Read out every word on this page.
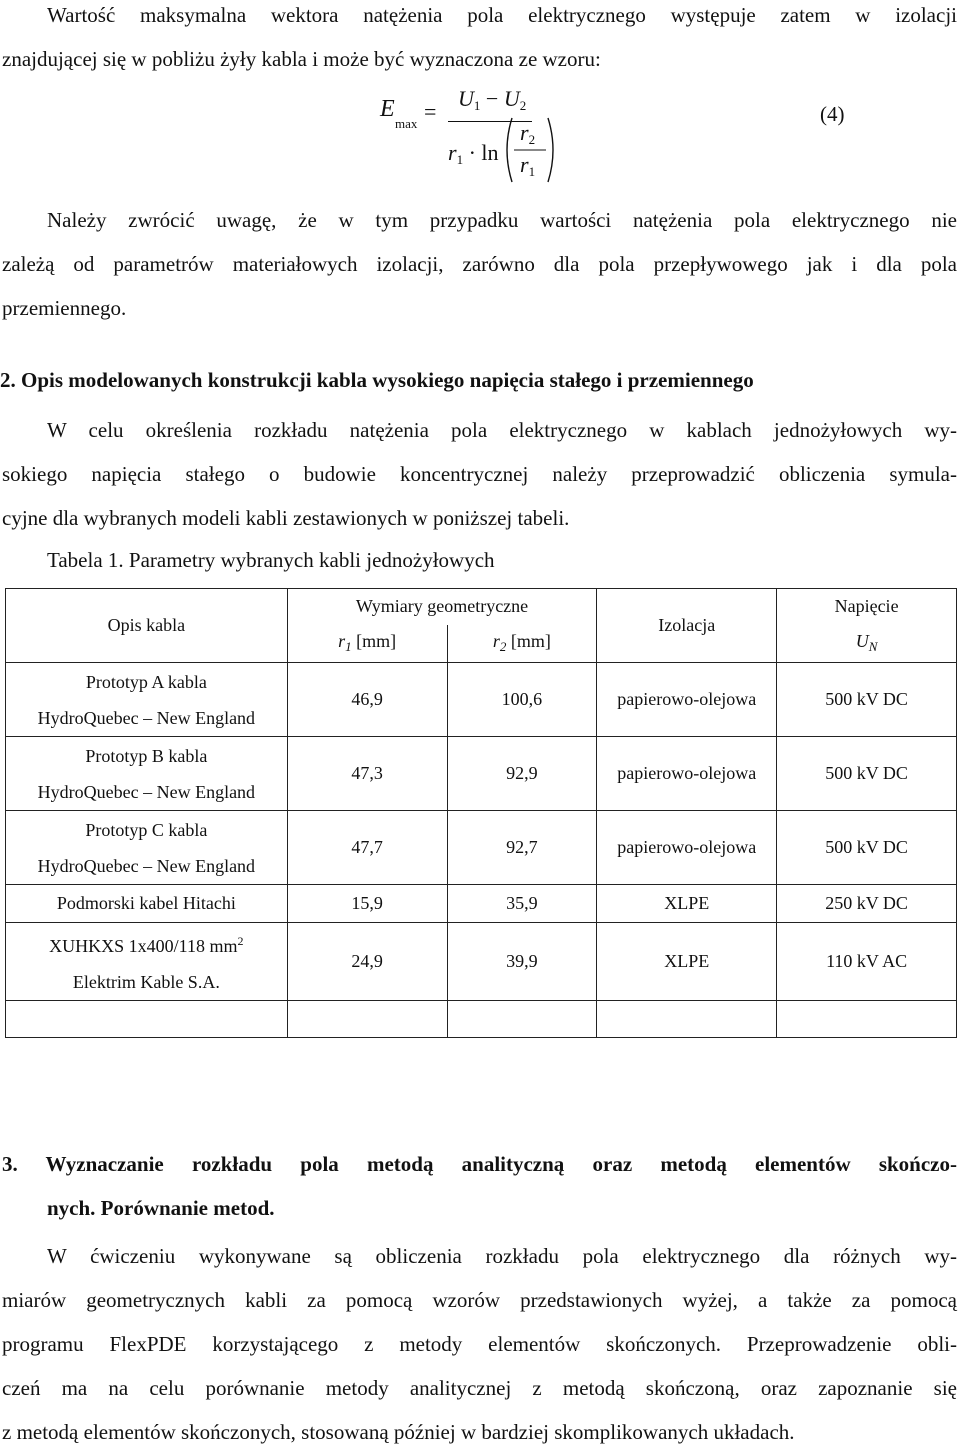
Wartość maksymalna wektora natężenia pola elektrycznego występuje zatem w izolacji
znajdującej się w pobliżu żyły kabla i może być wyznaczona ze wzoru:
E
max =
$U_1 - U_2$
$r_1 \cdot \ln$
$r_2$
$r_1$
(4)
Należy zwrócić uwagę, że w tym przypadku wartości natężenia pola elektrycznego nie
zależą od parametrów materiałowych izolacji, zarówno dla pola przepływowego jak i dla pola
przemiennego.
2. Opis modelowanych konstrukcji kabla wysokiego napięcia stałego i przemiennego
W celu określenia rozkładu natężenia pola elektrycznego w kablach jednożyłowych wy-
sokiego napięcia stałego o budowie koncentrycznej należy przeprowadzić obliczenia symula-
cyjne dla wybranych modeli kabli zestawionych w poniższej tabeli.

Tabela 1. Parametry wybranych kabli jednożyłowych

Opis kabla	Wymiary geometryczne		Izolacja	Napięcie
	$r_1$ [mm]	$r_2$ [mm]		$U_N$

Prototyp A kabla
HydroQuebec – New England	46,9	100,6	papierowo-olejowa	500 kV DC

Prototyp B kabla
HydroQuebec – New England	47,3	92,9	papierowo-olejowa	500 kV DC

Prototyp C kabla
HydroQuebec – New England	47,7	92,7	papierowo-olejowa	500 kV DC
Podmorski kabel Hitachi	15,9	35,9	XLPE	250 kV DC

XUHKXS 1x400/118 $mm^2$
Elektrim Kable S.A.	24,9	39,9	XLPE	110 kV AC

3. Wyznaczanie rozkładu pola metodą analityczną oraz metodą elementów skończo-
nych. Porównanie metod.
W ćwiczeniu wykonywane są obliczenia rozkładu pola elektrycznego dla różnych wy-
miarów geometrycznych kabli za pomocą wzorów przedstawionych wyżej, a także za pomocą
programu FlexPDE korzystającego z metody elementów skończonych. Przeprowadzenie obli-
czeń ma na celu porównanie metody analitycznej z metodą skończoną, oraz zapoznanie się
z metodą elementów skończonych, stosowaną później w bardziej skomplikowanych układach.
